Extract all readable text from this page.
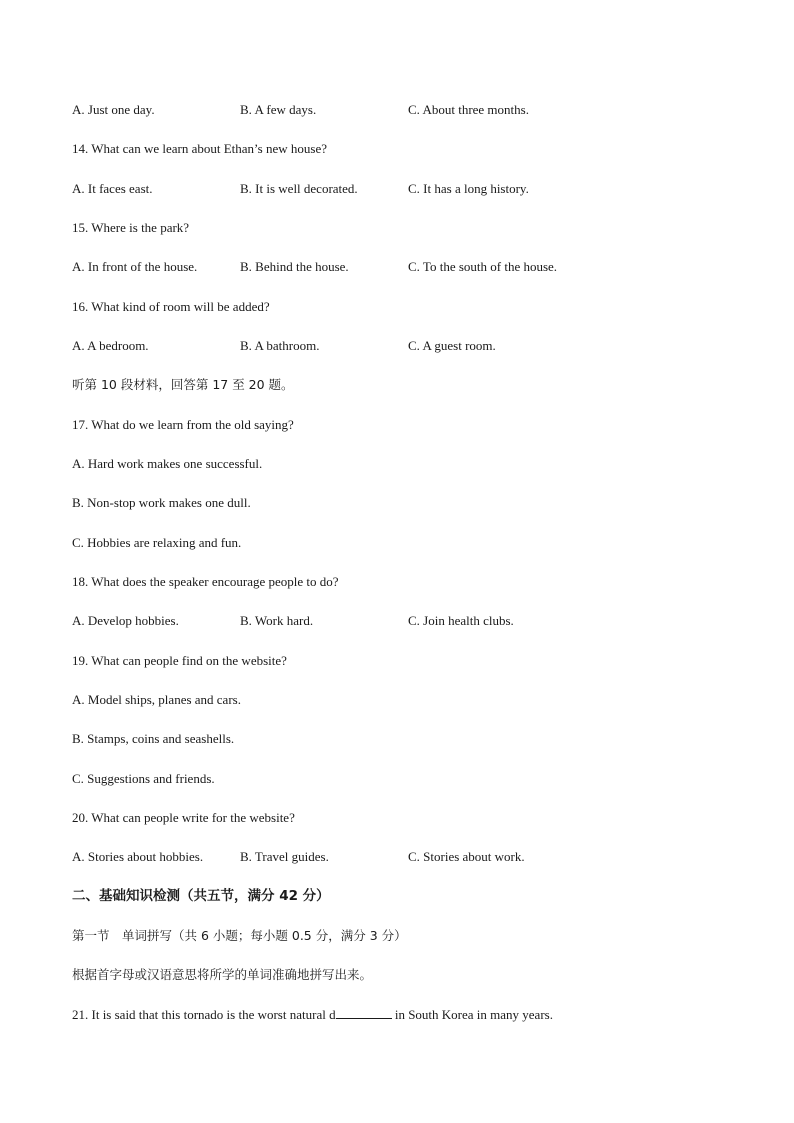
A. Just one day.	B. A few days.	C. About three months.
14. What can we learn about Ethan’s new house?
A. It faces east.	B. It is well decorated.	C. It has a long history.
15. Where is the park?
A. In front of the house.	B. Behind the house.	C. To the south of the house.
16. What kind of room will be added?
A. A bedroom.	B. A bathroom.	C. A guest room.
听第 10 段材料，回答第 17 至 20 题。
17. What do we learn from the old saying?
A. Hard work makes one successful.
B. Non-stop work makes one dull.
C. Hobbies are relaxing and fun.
18. What does the speaker encourage people to do?
A. Develop hobbies.	B. Work hard.	C. Join health clubs.
19. What can people find on the website?
A. Model ships, planes and cars.
B. Stamps, coins and seashells.
C. Suggestions and friends.
20. What can people write for the website?
A. Stories about hobbies.	B. Travel guides.	C. Stories about work.
二、基础知识检测（共五节，满分 42 分）
第一节　单词拼写（共 6 小题；每小题 0.5 分，满分 3 分）
根据首字母或汉语意思将所学的单词准确地拼写出来。
21. It is said that this tornado is the worst natural d	in South Korea in many years.
